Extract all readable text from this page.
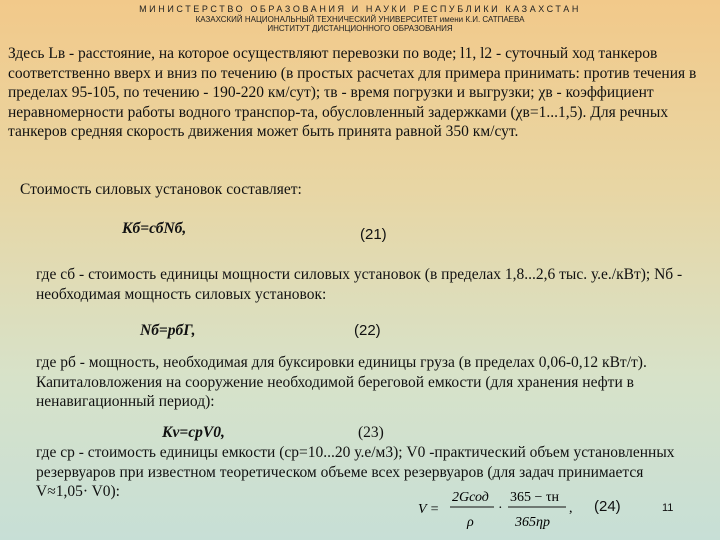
МИНИСТЕРСТВО ОБРАЗОВАНИЯ И НАУКИ РЕСПУБЛИКИ КАЗАХСТАН
КАЗАХСКИЙ НАЦИОНАЛЬНЫЙ ТЕХНИЧЕСКИЙ УНИВЕРСИТЕТ имени К.И. САТПАЕВА
ИНСТИТУТ ДИСТАНЦИОННОГО ОБРАЗОВАНИЯ
Здесь Lв - расстояние, на которое осуществляют перевозки по воде; l1, l2 - суточный ход танкеров соответственно вверх и вниз по течению (в простых расчетах для примера принимать: против течения в пределах 95-105, по течению - 190-220 км/сут); τв - время погрузки и выгрузки; χв - коэффициент неравномерности работы водного транспор-та, обусловленный задержками (χв=1...1,5). Для речных танкеров средняя скорость движения может быть принята равной 350 км/сут.
Стоимость силовых установок составляет:
Кб=сбNб,	(21)
где сб - стоимость единицы мощности силовых установок (в пределах 1,8...2,6 тыс. у.е./кВт); Nб - необходимая мощность силовых установок:
Nб=рбГ,	(22)
где рб - мощность, необходимая для буксировки единицы груза (в пределах 0,06-0,12 кВт/т). Капиталовложения на сооружение необходимой береговой емкости (для хранения нефти в ненавигационный период):
Кv=срV0,	(23)
где ср - стоимость единицы емкости (ср=10...20 у.е/м3); V0 -практический объем установленных резервуаров при известном теоретическом объеме всех резервуаров (для задач принимается V≈1,05· V0):
V =
2Gсод
ρ
·
365 − τн
365ηр
, (24)	11
